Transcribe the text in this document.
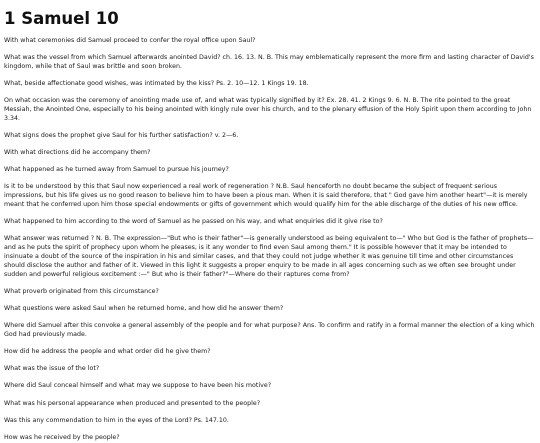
1 Samuel 10

With what ceremonies did Samuel proceed to confer the royal office upon Saul?

What was the vessel from which Samuel afterwards anointed David? ch. 16. 13. N. B. This may emblematically represent the more firm and lasting character of David's kingdom, while that of Saul was brittle and soon broken.

What, beside affectionate good wishes, was intimated by the kiss? Ps. 2. 10—12. 1 Kings 19. 18.

On what occasion was the ceremony of anointing made use of, and what was typically signified by it? Ex. 28. 41. 2 Kings 9. 6. N. B. The rite pointed to the great Messiah, the Anointed One, especially to his being anointed with kingly rule over his church, and to the plenary effusion of the Holy Spirit upon them according to John 3.34.

What signs does the prophet give Saul for his further satisfaction? v. 2—6.

With what directions did he accompany them?

What happened as he turned away from Samuel to pursue his journey?

Is it to be understood by this that Saul now experienced a real work of regeneration ? N.B. Saul henceforth no doubt became the subject of frequent serious impressions, but his life gives us no good reason to believe him to have been a pious man. When it is said therefore, that " God gave him another heart"—it is merely meant that he conferred upon him those special endowments or gifts of government which would qualify him for the able discharge of the duties of his new office.

What happened to him according to the word of Samuel as he passed on his way, and what enquiries did it give rise to?

What answer was returned ? N. B. The expression—"But who is their father"—is generally understood as being equivalent to—" Who but God is the father of prophets— and as he puts the spirit of prophecy upon whom he pleases, is it any wonder to find even Saul among them." It is possible however that it may be intended to insinuate a doubt of the source of the inspiration in his and similar cases, and that they could not judge whether it was genuine till time and other circumstances should disclose the author and father of it. Viewed in this light it suggests a proper enquiry to be made in all ages concerning such as we often see brought under sudden and powerful religious excitement :—" But who is their father?"—Where do their raptures come from?

What proverb originated from this circumstance?

What questions were asked Saul when he returned home, and how did he answer them?

Where did Samuel after this convoke a general assembly of the people and for what purpose? Ans. To confirm and ratify in a formal manner the election of a king which God had previously made.

How did he address the people and what order did he give them?

What was the issue of the lot?

Where did Saul conceal himself and what may we suppose to have been his motive?

What was his personal appearance when produced and presented to the people?

Was this any commendation to him in the eyes of the Lord? Ps. 147.10.

How was he received by the people?
